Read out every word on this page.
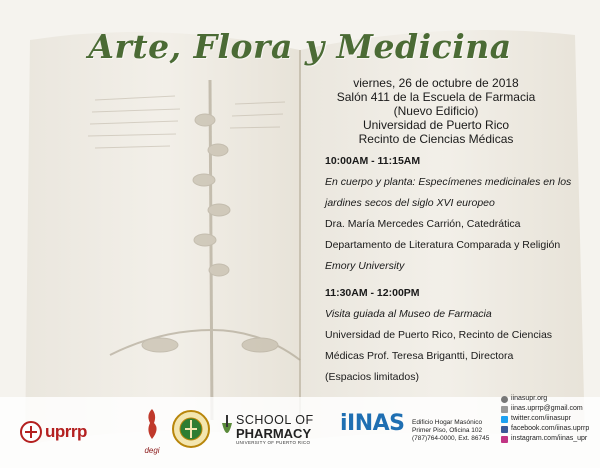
Arte, Flora y Medicina
viernes, 26 de octubre de 2018
Salón 411 de la Escuela de Farmacia
(Nuevo Edificio)
Universidad de Puerto Rico
Recinto de Ciencias Médicas
10:00AM - 11:15AM
En cuerpo y planta: Especímenes medicinales en los
jardines secos del siglo XVI europeo
Dra. María Mercedes Carrión, Catedrática
Departamento de Literatura Comparada y Religión
Emory University
11:30AM - 12:00PM
Visita guiada al Museo de Farmacia
Universidad de Puerto Rico, Recinto de Ciencias
Médicas Prof. Teresa Brigantti, Directora
(Espacios limitados)
uprrp
degi
SCHOOL OF
PHARMACY
UNIVERSITY OF PUERTO RICO
iINAS Edificio Hogar Masónico
Primer Piso, Oficina 102
(787)764-0000, Ext. 86745
iinasupr.org
iinas.uprrp@gmail.com
twitter.com/iinasupr
facebook.com/iinas.uprrp
instagram.com/iinas_upr
